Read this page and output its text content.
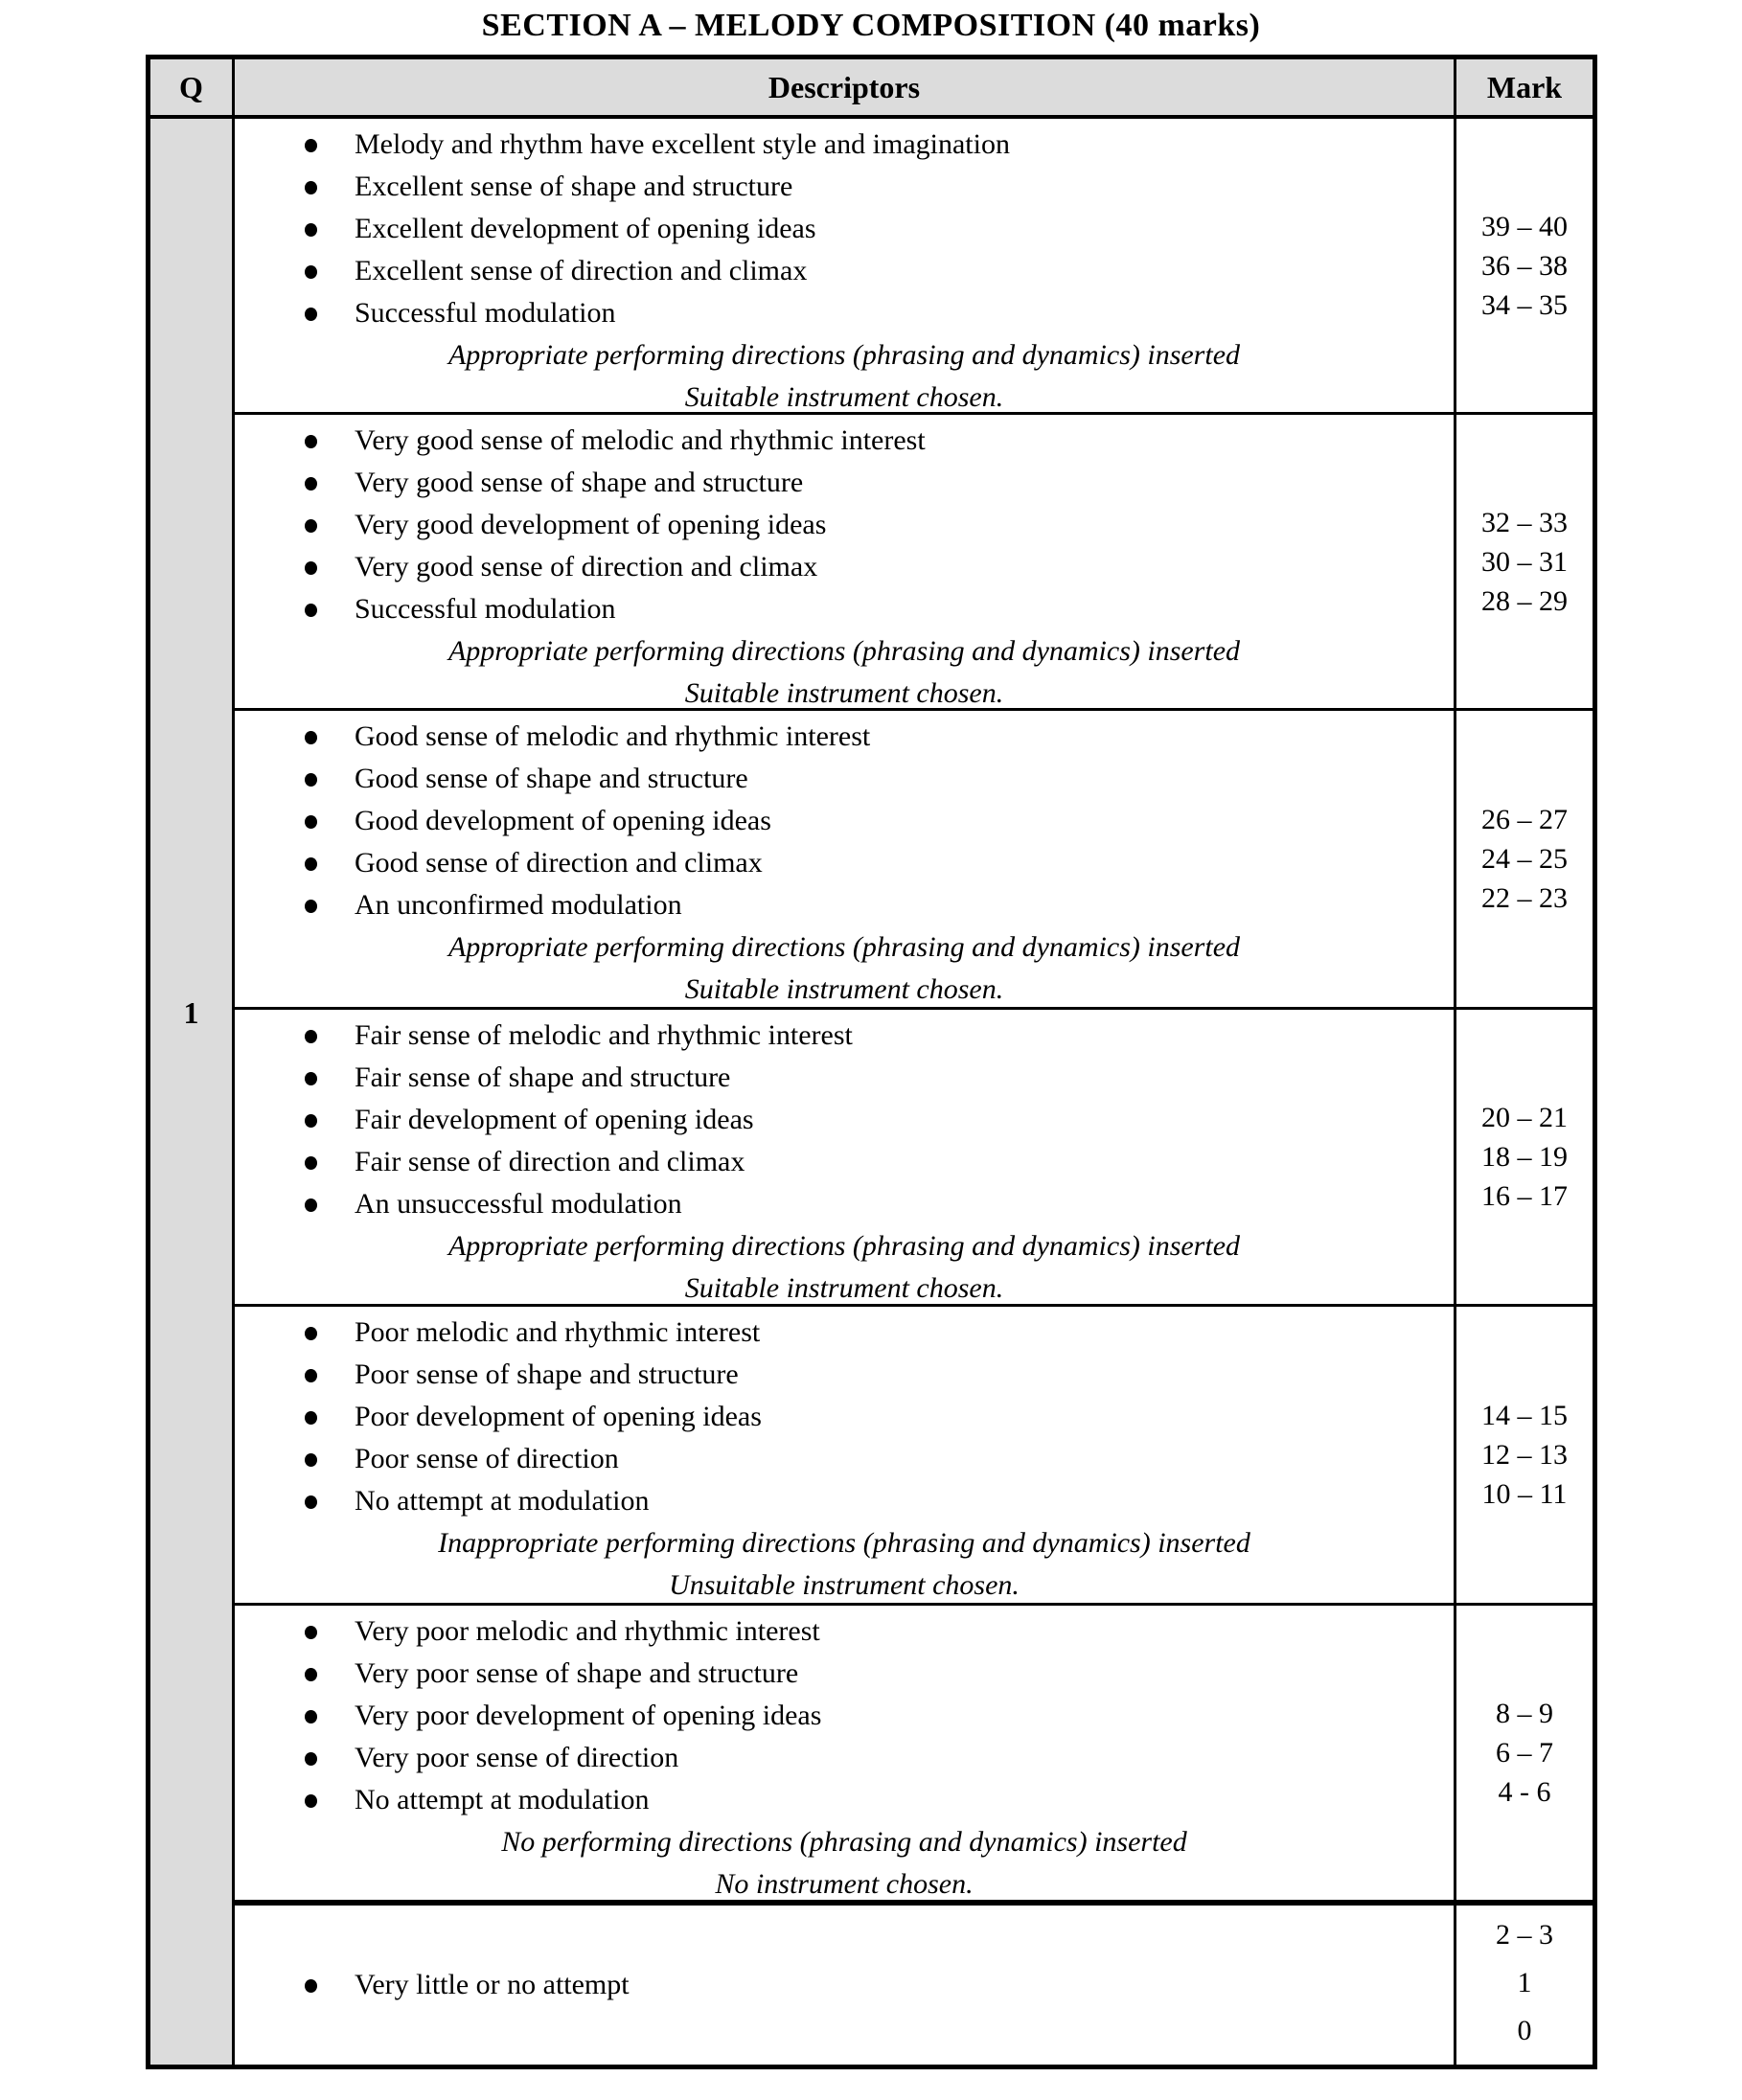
SECTION A – MELODY COMPOSITION (40 marks)
Q	Descriptors	Mark
1
Melody and rhythm have excellent style and imagination
Excellent sense of shape and structure
Excellent development of opening ideas
Excellent sense of direction and climax
Successful modulation
Appropriate performing directions (phrasing and dynamics) inserted
Suitable instrument chosen.
39 – 40
36 – 38
34 – 35
Very good sense of melodic and rhythmic interest
Very good sense of shape and structure
Very good development of opening ideas
Very good sense of direction and climax
Successful modulation
Appropriate performing directions (phrasing and dynamics) inserted
Suitable instrument chosen.
32 – 33
30 – 31
28 – 29
Good sense of melodic and rhythmic interest
Good sense of shape and structure
Good development of opening ideas
Good sense of direction and climax
An unconfirmed modulation
Appropriate performing directions (phrasing and dynamics) inserted
Suitable instrument chosen.
26 – 27
24 – 25
22 – 23
Fair sense of melodic and rhythmic interest
Fair sense of shape and structure
Fair development of opening ideas
Fair sense of direction and climax
An unsuccessful modulation
Appropriate performing directions (phrasing and dynamics) inserted
Suitable instrument chosen.
20 – 21
18 – 19
16 – 17
Poor melodic and rhythmic interest
Poor sense of shape and structure
Poor development of opening ideas
Poor sense of direction
No attempt at modulation
Inappropriate performing directions (phrasing and dynamics) inserted
Unsuitable instrument chosen.
14 – 15
12 – 13
10 – 11
Very poor melodic and rhythmic interest
Very poor sense of shape and structure
Very poor development of opening ideas
Very poor sense of direction
No attempt at modulation
No performing directions (phrasing and dynamics) inserted
No instrument chosen.
8 – 9
6 – 7
4 - 6
Very little or no attempt
2 – 3
1
0
